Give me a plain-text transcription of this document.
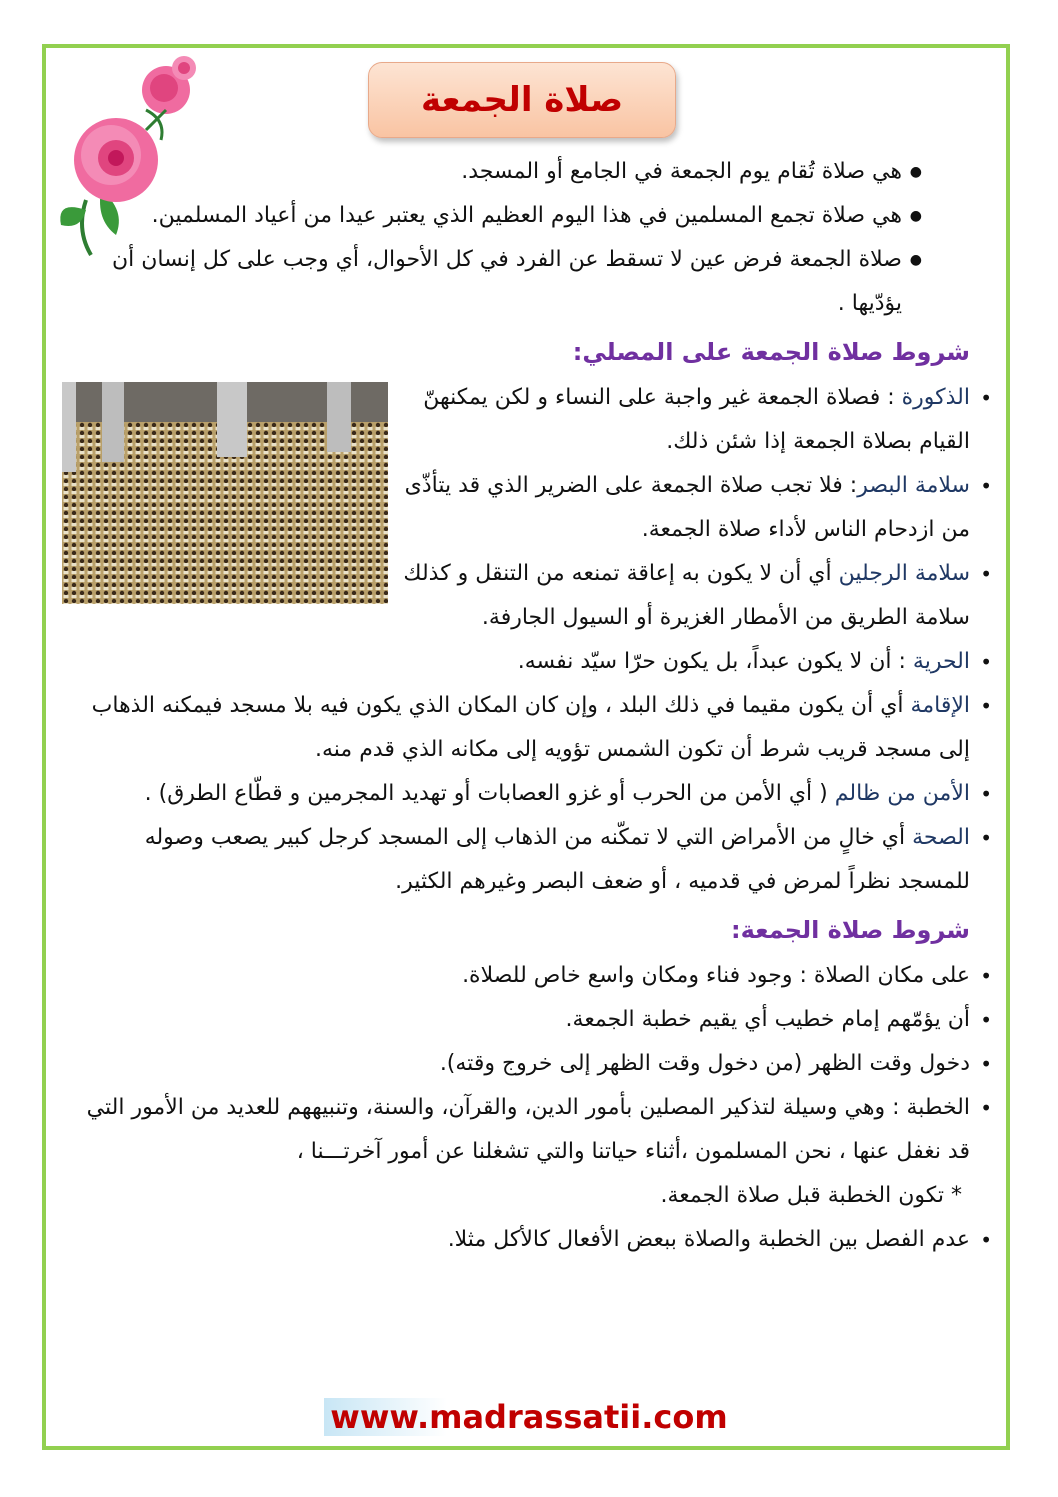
صلاة الجمعة
● هي صلاة تُقام يوم الجمعة في الجامع أو المسجد.
● هي صلاة تجمع المسلمين في هذا اليوم العظيم الذي يعتبر عيدا من أعياد المسلمين.
● صلاة الجمعة فرض عين لا تسقط عن الفرد في كل الأحوال، أي وجب على كل إنسان أن يؤدّيها .
شروط صلاة الجمعة على المصلي:
• الذكورة : فصلاة الجمعة غير واجبة على النساء و لكن يمكنهنّ القيام بصلاة الجمعة إذا شئن ذلك.
• سلامة البصر: فلا تجب صلاة الجمعة على الضرير الذي قد يتأذّى من ازدحام الناس لأداء صلاة الجمعة.
• سلامة الرجلين أي أن لا يكون به إعاقة تمنعه من التنقل و كذلك سلامة الطريق من الأمطار الغزيرة أو السيول الجارفة.
• الحرية : أن لا يكون عبداً، بل يكون حرّا سيّد نفسه.
• الإقامة أي أن يكون مقيما في ذلك البلد ، وإن كان المكان الذي يكون فيه بلا مسجد فيمكنه الذهاب إلى مسجد قريب شرط أن تكون الشمس تؤويه إلى مكانه الذي قدم منه.
• الأمن من ظالم ( أي الأمن من الحرب أو غزو العصابات أو تهديد المجرمين و قطّاع الطرق) .
• الصحة أي خالٍ من الأمراض التي لا تمكّنه من الذهاب إلى المسجد كرجل كبير يصعب وصوله للمسجد نظراً لمرض في قدميه ، أو ضعف البصر وغيرهم الكثير.
شروط صلاة الجمعة:
• على مكان الصلاة : وجود فناء ومكان واسع خاص للصلاة.
• أن يؤمّهم إمام خطيب أي يقيم خطبة الجمعة.
• دخول وقت الظهر (من دخول وقت الظهر إلى خروج وقته).
• الخطبة : وهي وسيلة لتذكير المصلين بأمور الدين، والقرآن، والسنة، وتنبيههم للعديد من الأمور التي قد نغفل عنها ، نحن المسلمون ،أثناء حياتنا والتي تشغلنا عن أمور آخرتـــنا ،
* تكون الخطبة قبل صلاة الجمعة.
• عدم الفصل بين الخطبة والصلاة ببعض الأفعال كالأكل مثلا.
www.madrassatii.com
